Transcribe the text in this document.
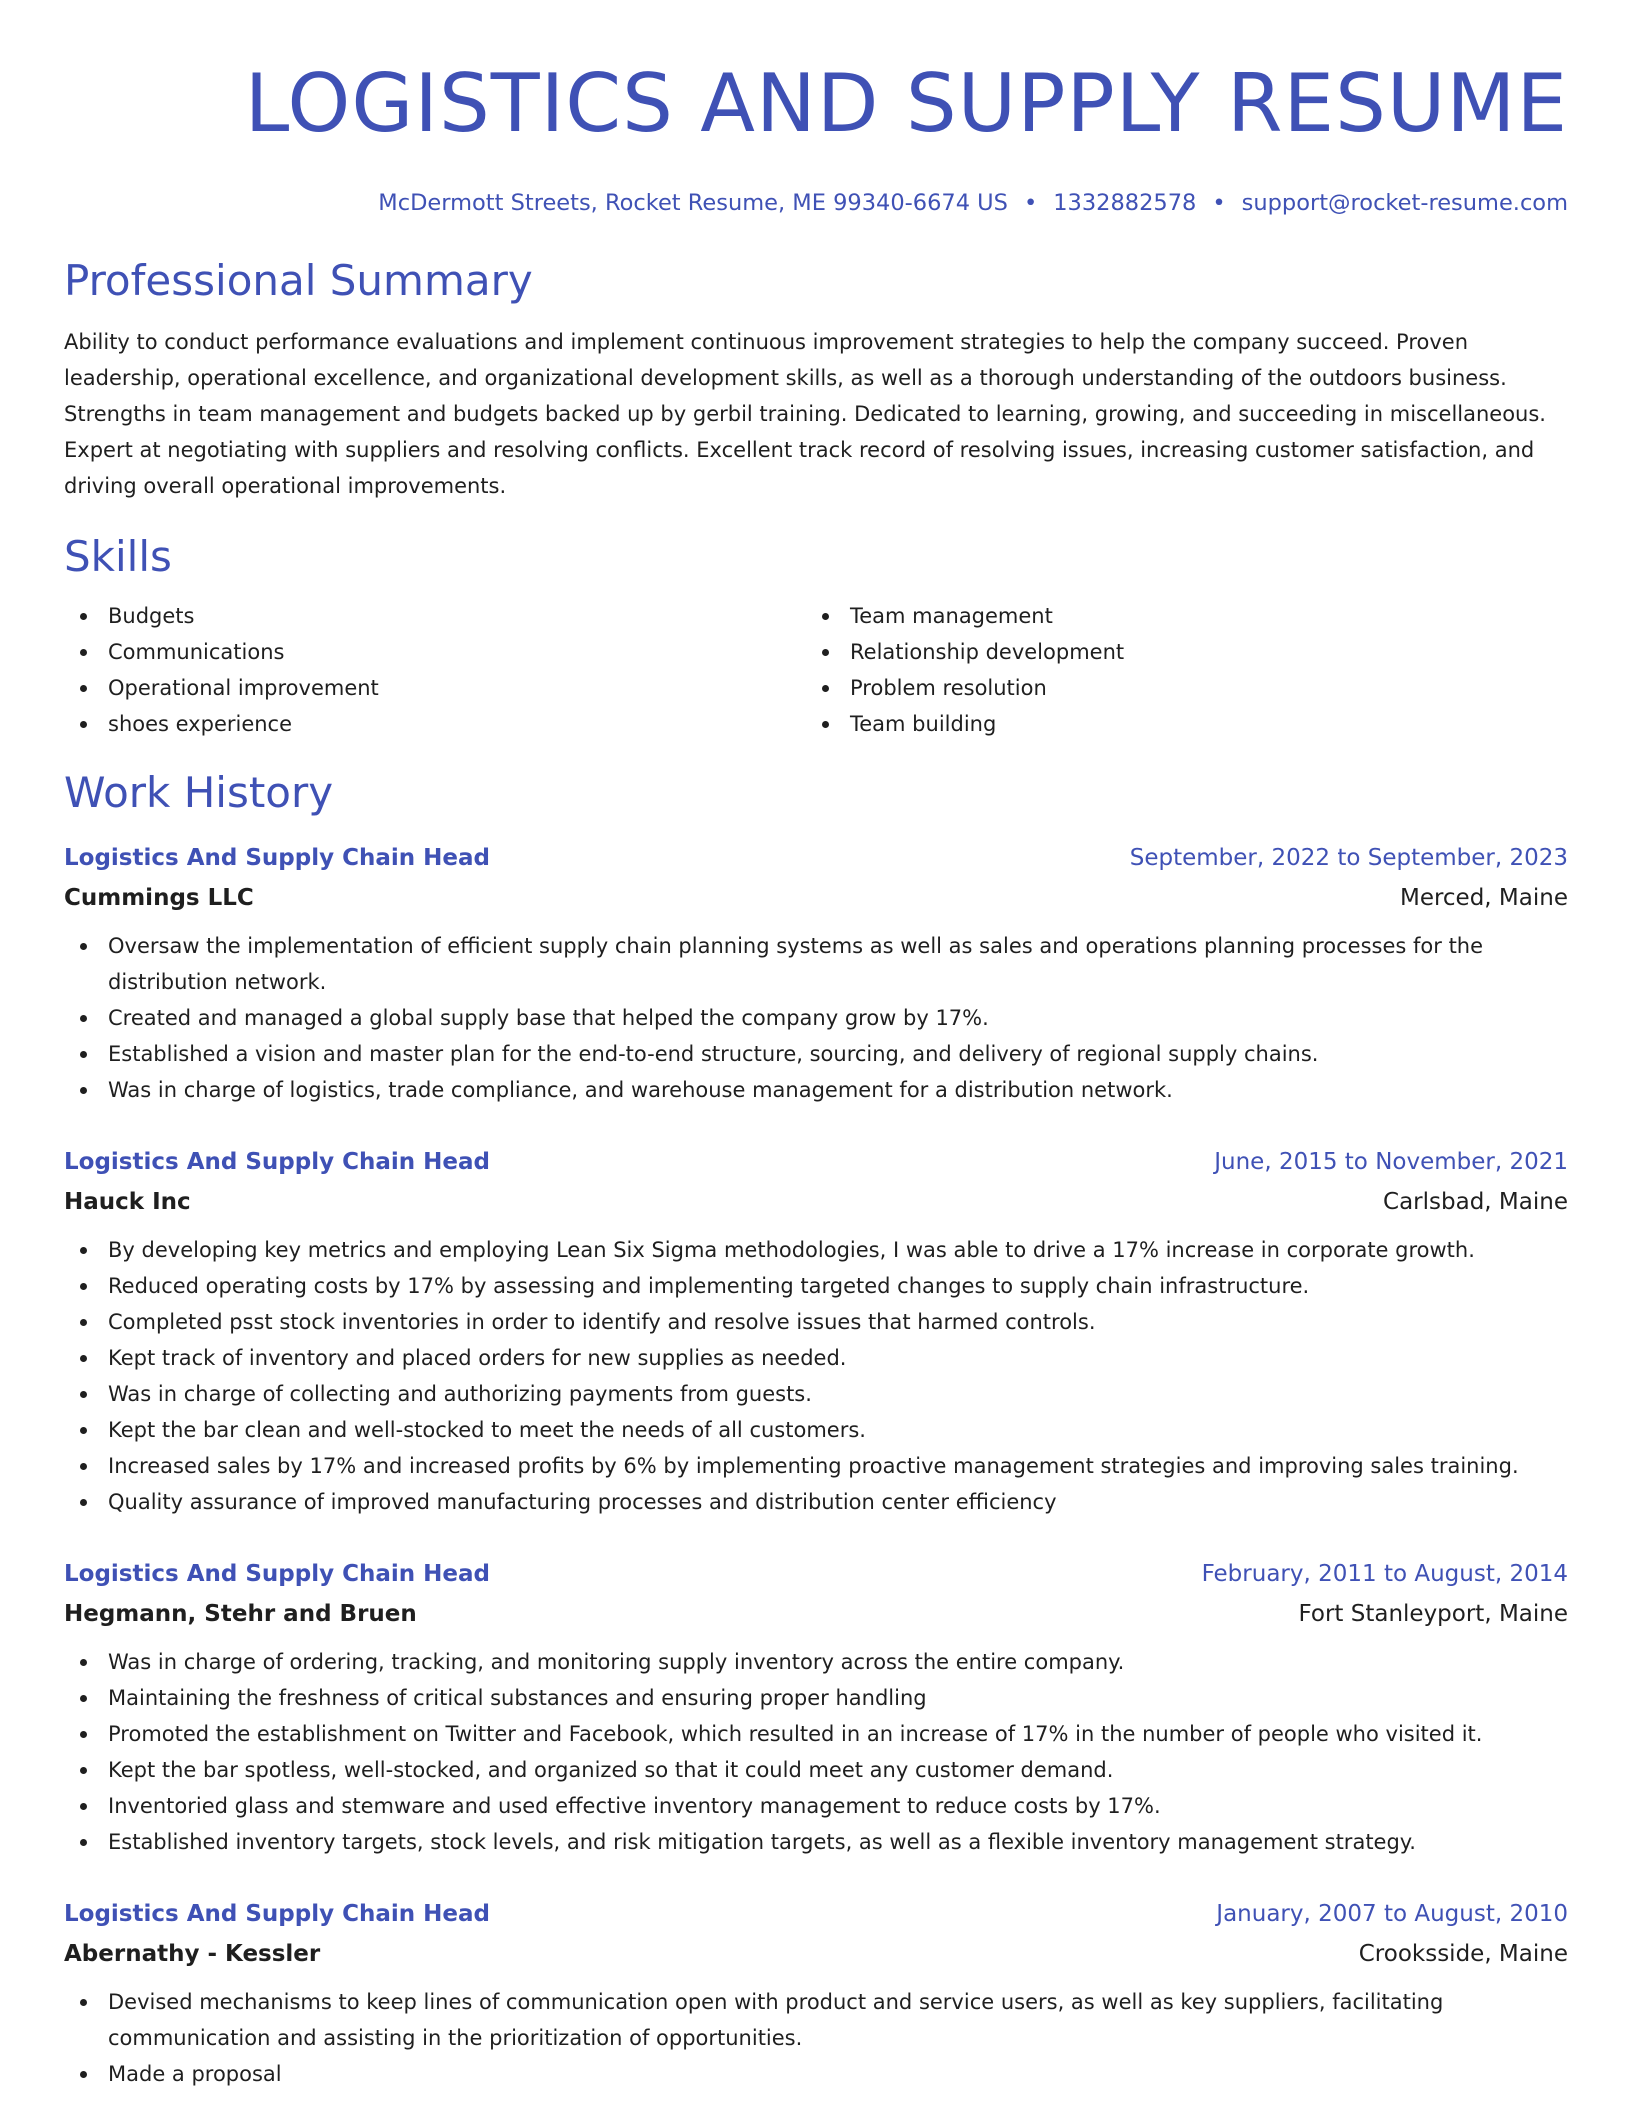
LOGISTICS AND SUPPLY RESUME
McDermott Streets, Rocket Resume, ME 99340-6674 US • 1332882578 • support@rocket-resume.com
Professional Summary
Ability to conduct performance evaluations and implement continuous improvement strategies to help the company succeed. Proven leadership, operational excellence, and organizational development skills, as well as a thorough understanding of the outdoors business. Strengths in team management and budgets backed up by gerbil training. Dedicated to learning, growing, and succeeding in miscellaneous. Expert at negotiating with suppliers and resolving conflicts. Excellent track record of resolving issues, increasing customer satisfaction, and driving overall operational improvements.
Skills
Budgets
Communications
Operational improvement
shoes experience
Team management
Relationship development
Problem resolution
Team building
Work History
Logistics And Supply Chain Head	September, 2022 to September, 2023
Cummings LLC	Merced, Maine
Oversaw the implementation of efficient supply chain planning systems as well as sales and operations planning processes for the distribution network.
Created and managed a global supply base that helped the company grow by 17%.
Established a vision and master plan for the end-to-end structure, sourcing, and delivery of regional supply chains.
Was in charge of logistics, trade compliance, and warehouse management for a distribution network.
Logistics And Supply Chain Head	June, 2015 to November, 2021
Hauck Inc	Carlsbad, Maine
By developing key metrics and employing Lean Six Sigma methodologies, I was able to drive a 17% increase in corporate growth.
Reduced operating costs by 17% by assessing and implementing targeted changes to supply chain infrastructure.
Completed psst stock inventories in order to identify and resolve issues that harmed controls.
Kept track of inventory and placed orders for new supplies as needed.
Was in charge of collecting and authorizing payments from guests.
Kept the bar clean and well-stocked to meet the needs of all customers.
Increased sales by 17% and increased profits by 6% by implementing proactive management strategies and improving sales training.
Quality assurance of improved manufacturing processes and distribution center efficiency
Logistics And Supply Chain Head	February, 2011 to August, 2014
Hegmann, Stehr and Bruen	Fort Stanleyport, Maine
Was in charge of ordering, tracking, and monitoring supply inventory across the entire company.
Maintaining the freshness of critical substances and ensuring proper handling
Promoted the establishment on Twitter and Facebook, which resulted in an increase of 17% in the number of people who visited it.
Kept the bar spotless, well-stocked, and organized so that it could meet any customer demand.
Inventoried glass and stemware and used effective inventory management to reduce costs by 17%.
Established inventory targets, stock levels, and risk mitigation targets, as well as a flexible inventory management strategy.
Logistics And Supply Chain Head	January, 2007 to August, 2010
Abernathy - Kessler	Crooksside, Maine
Devised mechanisms to keep lines of communication open with product and service users, as well as key suppliers, facilitating communication and assisting in the prioritization of opportunities.
Made a proposal
